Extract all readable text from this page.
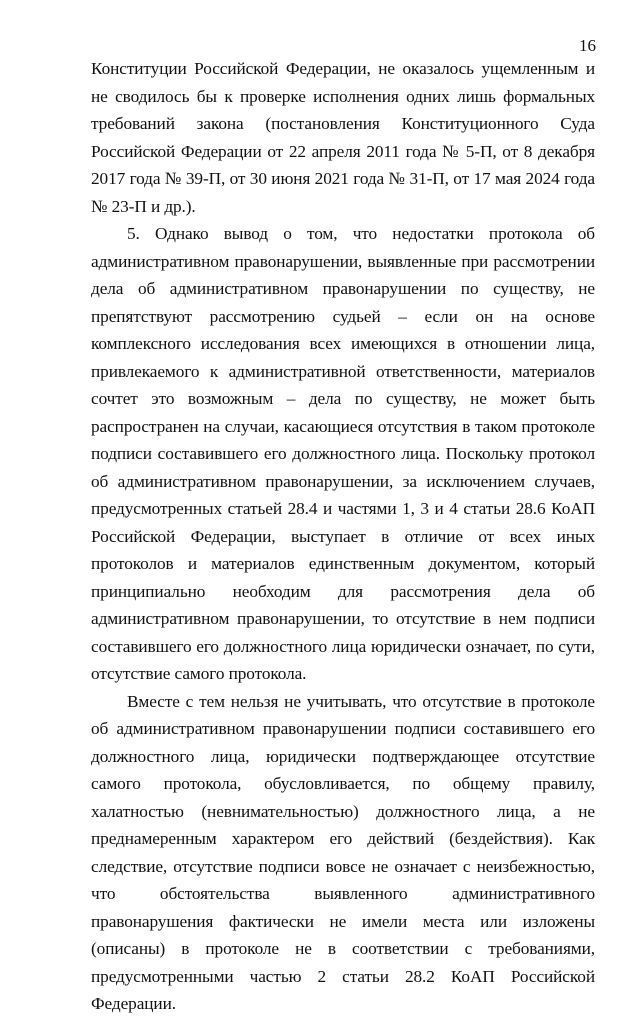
16

Конституции Российской Федерации, не оказалось ущемленным и не сводилось бы к проверке исполнения одних лишь формальных требований закона (постановления Конституционного Суда Российской Федерации от 22 апреля 2011 года № 5-П, от 8 декабря 2017 года № 39-П, от 30 июня 2021 года № 31-П, от 17 мая 2024 года № 23-П и др.).

5. Однако вывод о том, что недостатки протокола об административном правонарушении, выявленные при рассмотрении дела об административном правонарушении по существу, не препятствуют рассмотрению судьей – если он на основе комплексного исследования всех имеющихся в отношении лица, привлекаемого к административной ответственности, материалов сочтет это возможным – дела по существу, не может быть распространен на случаи, касающиеся отсутствия в таком протоколе подписи составившего его должностного лица. Поскольку протокол об административном правонарушении, за исключением случаев, предусмотренных статьей 28.4 и частями 1, 3 и 4 статьи 28.6 КоАП Российской Федерации, выступает в отличие от всех иных протоколов и материалов единственным документом, который принципиально необходим для рассмотрения дела об административном правонарушении, то отсутствие в нем подписи составившего его должностного лица юридически означает, по сути, отсутствие самого протокола.

Вместе с тем нельзя не учитывать, что отсутствие в протоколе об административном правонарушении подписи составившего его должностного лица, юридически подтверждающее отсутствие самого протокола, обусловливается, по общему правилу, халатностью (невнимательностью) должностного лица, а не преднамеренным характером его действий (бездействия). Как следствие, отсутствие подписи вовсе не означает с неизбежностью, что обстоятельства выявленного административного правонарушения фактически не имели места или изложены (описаны) в протоколе не в соответствии с требованиями, предусмотренными частью 2 статьи 28.2 КоАП Российской Федерации.
